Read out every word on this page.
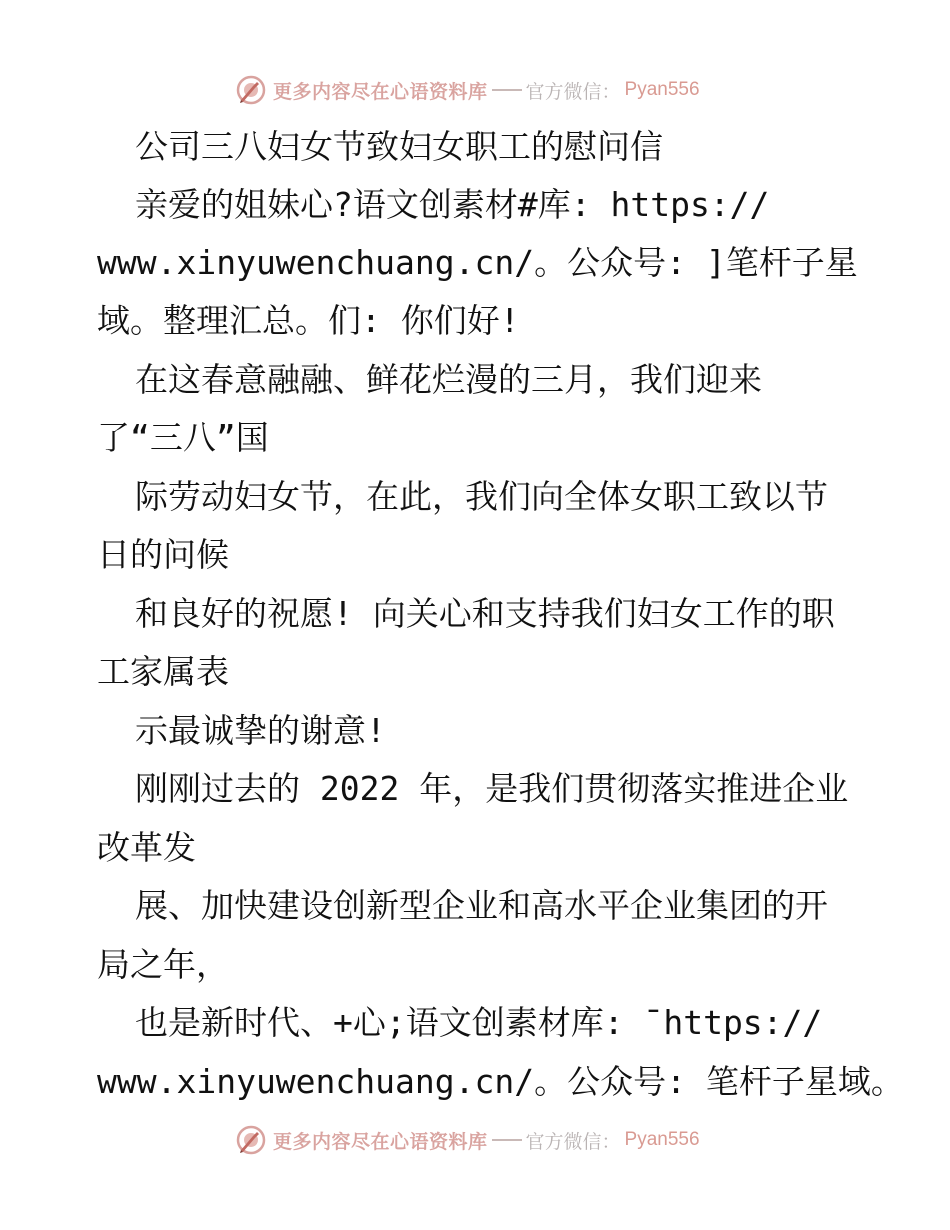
更多内容尽在心语资料库 官方微信： Pyan556
公司三八妇女节致妇女职工的慰问信
亲爱的姐妹心?语文创素材#库: https://
www.xinyuwenchuang.cn/。公众号: ]笔杆子星
域。整理汇总。们: 你们好!
在这春意融融、鲜花烂漫的三月，我们迎来
了“三八”国
际劳动妇女节，在此，我们向全体女职工致以节
日的问候
和良好的祝愿! 向关心和支持我们妇女工作的职
工家属表
示最诚挚的谢意!
刚刚过去的 2022 年，是我们贯彻落实推进企业
改革发
展、加快建设创新型企业和高水平企业集团的开
局之年，
也是新时代、+心;语文创素材库: ¯https://
www.xinyuwenchuang.cn/。公众号: 笔杆子星域。
更多内容尽在心语资料库 官方微信： Pyan556
